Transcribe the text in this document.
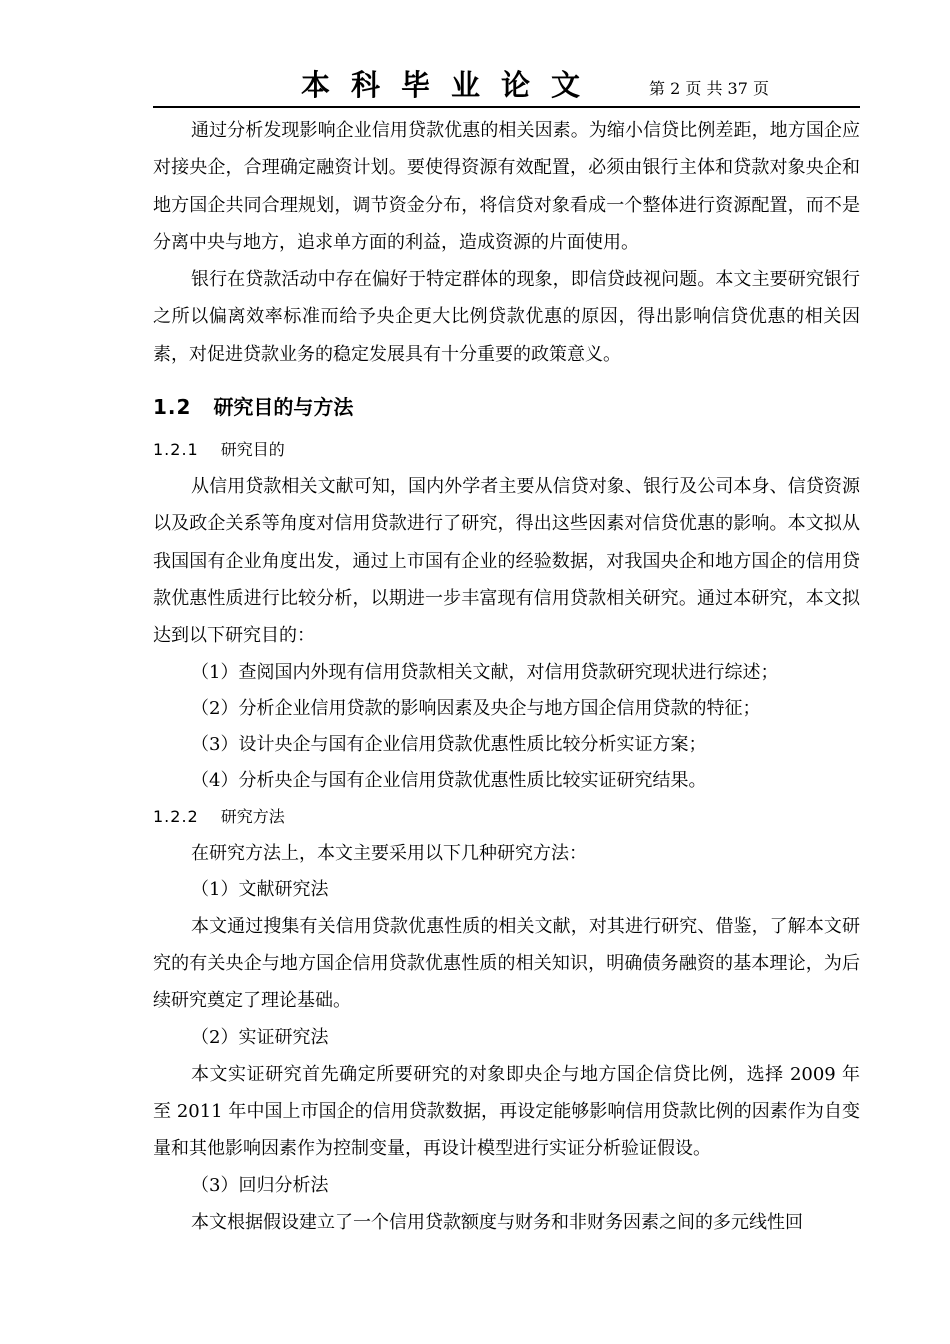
本科毕业论文	第 2 页 共 37 页

通过分析发现影响企业信用贷款优惠的相关因素。为缩小信贷比例差距，地方国企应对接央企，合理确定融资计划。要使得资源有效配置，必须由银行主体和贷款对象央企和地方国企共同合理规划，调节资金分布，将信贷对象看成一个整体进行资源配置，而不是分离中央与地方，追求单方面的利益，造成资源的片面使用。

银行在贷款活动中存在偏好于特定群体的现象，即信贷歧视问题。本文主要研究银行之所以偏离效率标准而给予央企更大比例贷款优惠的原因，得出影响信贷优惠的相关因素，对促进贷款业务的稳定发展具有十分重要的政策意义。

1.2 研究目的与方法
1.2.1 研究目的

从信用贷款相关文献可知，国内外学者主要从信贷对象、银行及公司本身、信贷资源以及政企关系等角度对信用贷款进行了研究，得出这些因素对信贷优惠的影响。本文拟从我国国有企业角度出发，通过上市国有企业的经验数据，对我国央企和地方国企的信用贷款优惠性质进行比较分析，以期进一步丰富现有信用贷款相关研究。通过本研究，本文拟达到以下研究目的：

（1）查阅国内外现有信用贷款相关文献，对信用贷款研究现状进行综述；

（2）分析企业信用贷款的影响因素及央企与地方国企信用贷款的特征；

（3）设计央企与国有企业信用贷款优惠性质比较分析实证方案；

（4）分析央企与国有企业信用贷款优惠性质比较实证研究结果。

1.2.2 研究方法

在研究方法上，本文主要采用以下几种研究方法：

（1）文献研究法

本文通过搜集有关信用贷款优惠性质的相关文献，对其进行研究、借鉴，了解本文研究的有关央企与地方国企信用贷款优惠性质的相关知识，明确债务融资的基本理论，为后续研究奠定了理论基础。

（2）实证研究法

本文实证研究首先确定所要研究的对象即央企与地方国企信贷比例，选择 2009 年至 2011 年中国上市国企的信用贷款数据，再设定能够影响信用贷款比例的因素作为自变量和其他影响因素作为控制变量，再设计模型进行实证分析验证假设。

（3）回归分析法

本文根据假设建立了一个信用贷款额度与财务和非财务因素之间的多元线性回
